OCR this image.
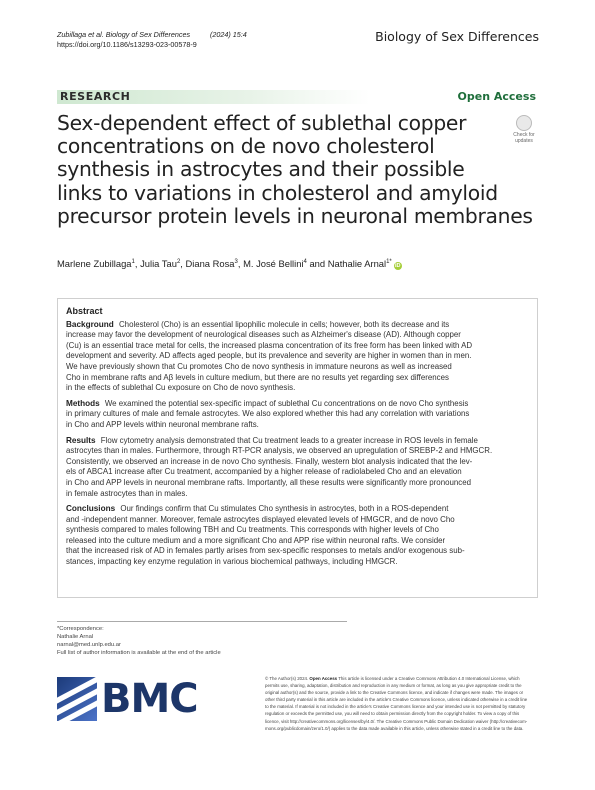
Zubillaga et al. Biology of Sex Differences	(2024) 15:4
https://doi.org/10.1186/s13293-023-00578-9
Biology of Sex Differences
RESEARCH	Open Access
Sex-dependent effect of sublethal copper
concentrations on de novo cholesterol
synthesis in astrocytes and their possible
links to variations in cholesterol and amyloid
precursor protein levels in neuronal membranes
Check for
updates
Marlene Zubillaga$^1$, Julia Tau$^2$, Diana Rosa$^3$, M. José Bellini$^4$ and Nathalie Arnal$^{1*}$iD
Abstract
Background Cholesterol (Cho) is an essential lipophilic molecule in cells; however, both its decrease and its
increase may favor the development of neurological diseases such as Alzheimer's disease (AD). Although copper
(Cu) is an essential trace metal for cells, the increased plasma concentration of its free form has been linked with AD
development and severity. AD affects aged people, but its prevalence and severity are higher in women than in men.
We have previously shown that Cu promotes Cho de novo synthesis in immature neurons as well as increased
Cho in membrane rafts and Aβ levels in culture medium, but there are no results yet regarding sex differences
in the effects of sublethal Cu exposure on Cho de novo synthesis.
Methods We examined the potential sex-specific impact of sublethal Cu concentrations on de novo Cho synthesis
in primary cultures of male and female astrocytes. We also explored whether this had any correlation with variations
in Cho and APP levels within neuronal membrane rafts.
Results Flow cytometry analysis demonstrated that Cu treatment leads to a greater increase in ROS levels in female
astrocytes than in males. Furthermore, through RT-PCR analysis, we observed an upregulation of SREBP-2 and HMGCR.
Consistently, we observed an increase in de novo Cho synthesis. Finally, western blot analysis indicated that the lev-
els of ABCA1 increase after Cu treatment, accompanied by a higher release of radiolabeled Cho and an elevation
in Cho and APP levels in neuronal membrane rafts. Importantly, all these results were significantly more pronounced
in female astrocytes than in males.
Conclusions Our findings confirm that Cu stimulates Cho synthesis in astrocytes, both in a ROS-dependent
and -independent manner. Moreover, female astrocytes displayed elevated levels of HMGCR, and de novo Cho
synthesis compared to males following TBH and Cu treatments. This corresponds with higher levels of Cho
released into the culture medium and a more significant Cho and APP rise within neuronal rafts. We consider
that the increased risk of AD in females partly arises from sex-specific responses to metals and/or exogenous sub-
stances, impacting key enzyme regulation in various biochemical pathways, including HMGCR.
*Correspondence:
Nathalie Arnal
narnal@med.unlp.edu.ar
Full list of author information is available at the end of the article
BMC	© The Author(s) 2024. Open Access This article is licensed under a Creative Commons Attribution 4.0 International License, which
permits use, sharing, adaptation, distribution and reproduction in any medium or format, as long as you give appropriate credit to the
original author(s) and the source, provide a link to the Creative Commons licence, and indicate if changes were made. The images or
other third party material in this article are included in the article's Creative Commons licence, unless indicated otherwise in a credit line
to the material. If material is not included in the article's Creative Commons licence and your intended use is not permitted by statutory
regulation or exceeds the permitted use, you will need to obtain permission directly from the copyright holder. To view a copy of this
licence, visit http://creativecommons.org/licenses/by/4.0/. The Creative Commons Public Domain Dedication waiver (http://creativecom-
mons.org/publicdomain/zero/1.0/) applies to the data made available in this article, unless otherwise stated in a credit line to the data.
